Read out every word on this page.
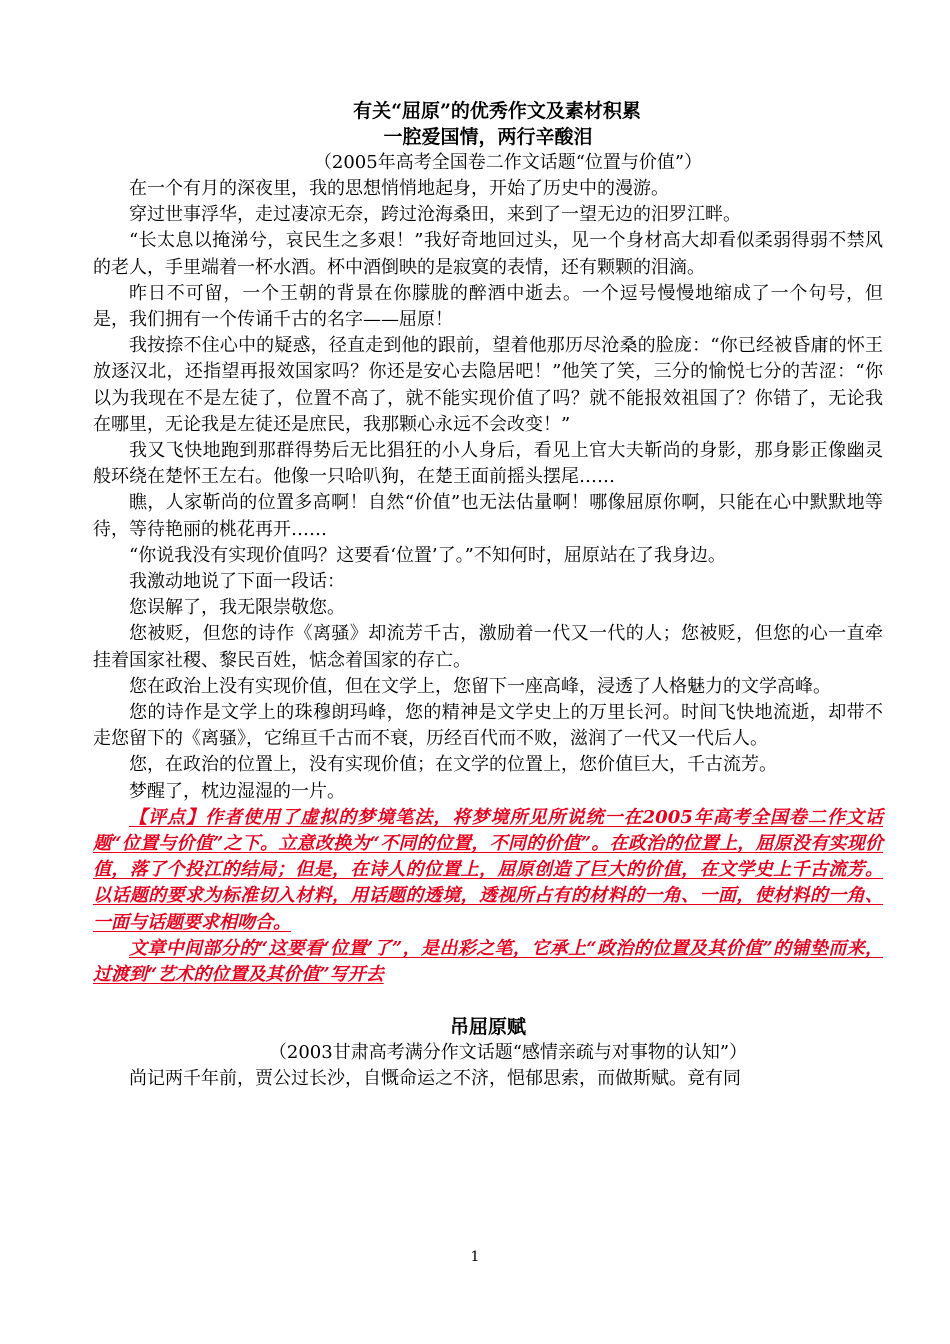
有关“屈原”的优秀作文及素材积累
一腔爱国情，两行辛酸泪
（2005年高考全国卷二作文话题“位置与价值”）

在一个有月的深夜里，我的思想悄悄地起身，开始了历史中的漫游。

穿过世事浮华，走过凄凉无奈，跨过沧海桑田，来到了一望无边的汨罗江畔。

“长太息以掩涕兮，哀民生之多艰！”我好奇地回过头，见一个身材高大却看似柔弱得弱不禁风的老人，手里端着一杯水酒。杯中酒倒映的是寂寞的表情，还有颗颗的泪滴。

昨日不可留，一个王朝的背景在你朦胧的醉酒中逝去。一个逗号慢慢地缩成了一个句号，但是，我们拥有一个传诵千古的名字——屈原！

我按捺不住心中的疑惑，径直走到他的跟前，望着他那历尽沧桑的脸庞：“你已经被昏庸的怀王放逐汉北，还指望再报效国家吗？你还是安心去隐居吧！”他笑了笑，三分的愉悦七分的苦涩：“你以为我现在不是左徒了，位置不高了，就不能实现价值了吗？就不能报效祖国了？你错了，无论我在哪里，无论我是左徒还是庶民，我那颗心永远不会改变！”

我又飞快地跑到那群得势后无比猖狂的小人身后，看见上官大夫靳尚的身影，那身影正像幽灵般环绕在楚怀王左右。他像一只哈叭狗，在楚王面前摇头摆尾……

瞧，人家靳尚的位置多高啊！自然“价值”也无法估量啊！哪像屈原你啊，只能在心中默默地等待，等待艳丽的桃花再开……

“你说我没有实现价值吗？这要看‘位置’了。”不知何时，屈原站在了我身边。

我激动地说了下面一段话：

您误解了，我无限崇敬您。

您被贬，但您的诗作《离骚》却流芳千古，激励着一代又一代的人；您被贬，但您的心一直牵挂着国家社稷、黎民百姓，惦念着国家的存亡。

您在政治上没有实现价值，但在文学上，您留下一座高峰，浸透了人格魅力的文学高峰。

您的诗作是文学上的珠穆朗玛峰，您的精神是文学史上的万里长河。时间飞快地流逝，却带不走您留下的《离骚》，它绵亘千古而不衰，历经百代而不败，滋润了一代又一代后人。

您，在政治的位置上，没有实现价值；在文学的位置上，您价值巨大，千古流芳。

梦醒了，枕边湿湿的一片。

【评点】作者使用了虚拟的梦境笔法，将梦境所见所说统一在2005年高考全国卷二作文话题“位置与价值”之下。立意改换为“不同的位置，不同的价值”。在政治的位置上，屈原没有实现价值，落了个投江的结局；但是，在诗人的位置上，屈原创造了巨大的价值，在文学史上千古流芳。以话题的要求为标准切入材料，用话题的透境，透视所占有的材料的一角、一面，使材料的一角、一面与话题要求相吻合。

文章中间部分的“这要看‘位置’了”，是出彩之笔，它承上“政治的位置及其价值”的铺垫而来，过渡到“艺术的位置及其价值”写开去

吊屈原赋
（2003甘肃高考满分作文话题“感情亲疏与对事物的认知”）

尚记两千年前，贾公过长沙，自慨命运之不济，悒郁思索，而做斯赋。竟有同

1
